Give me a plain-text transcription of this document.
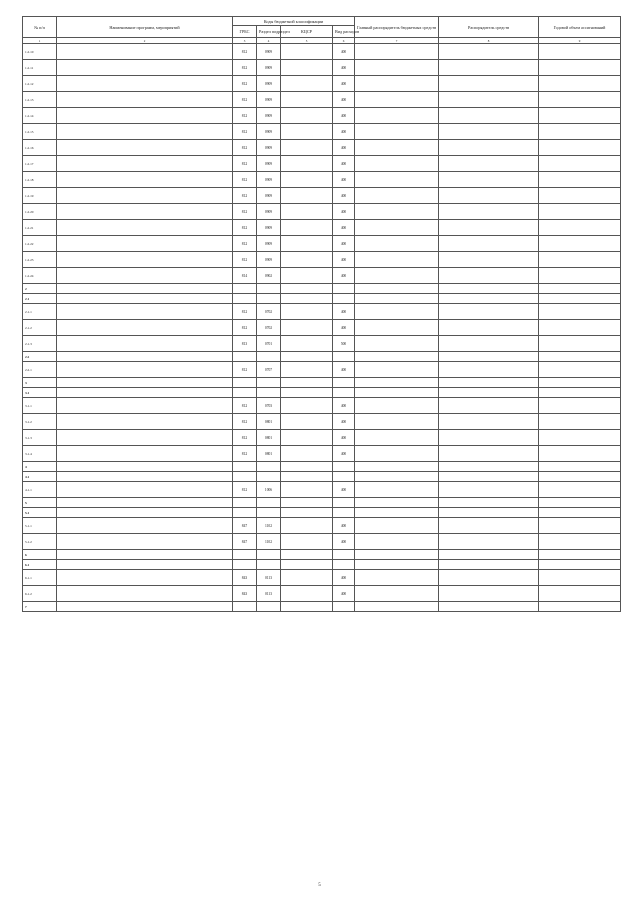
№ п/п	Наименование программ, мероприятий	Коды бюджетной классификации				Главный распорядитель бюджетных средств	Распорядитель средств	Годовой объем ассигнований
		ГРБС	Раздел подраздел	КЦСР	Вид расходов			
1	2	3	4	5	6	7	8	9
1.2.10		812	0909		400			
1.2.11		812	0909		400			
1.2.12		812	0909		400			
1.2.13		812	0909		400			
1.2.14		812	0909		400			
1.2.15		812	0909		400			
1.2.16		812	0909		400			
1.2.17		812	0909		400			
1.2.18		812	0909		400			
1.2.19		812	0909		400			
1.2.20		812	0909		400			
1.2.21		812	0909		400			
1.2.22		812	0909		400			
1.2.23		812	0909		400			
1.2.24		814	0902		400			
2								
2.1								
2.1.1		812	0702		400			
2.1.2		812	0702		400			
2.1.3		813	0701		500			
2.2								
2.2.1		812	0707		400			
3								
3.1								
3.1.1		812	0703		400			
3.1.2		812	0801		400			
3.1.3		812	0801		400			
3.1.4		812	0801		400			
4								
4.1								
4.1.1		812	1006		400			
5								
5.1								
5.1.1		847	1102		400			
5.1.2		847	1102		400			
6								
6.1								
6.1.1		843	0113		400			
6.1.2		843	0113		400			
7								
5
